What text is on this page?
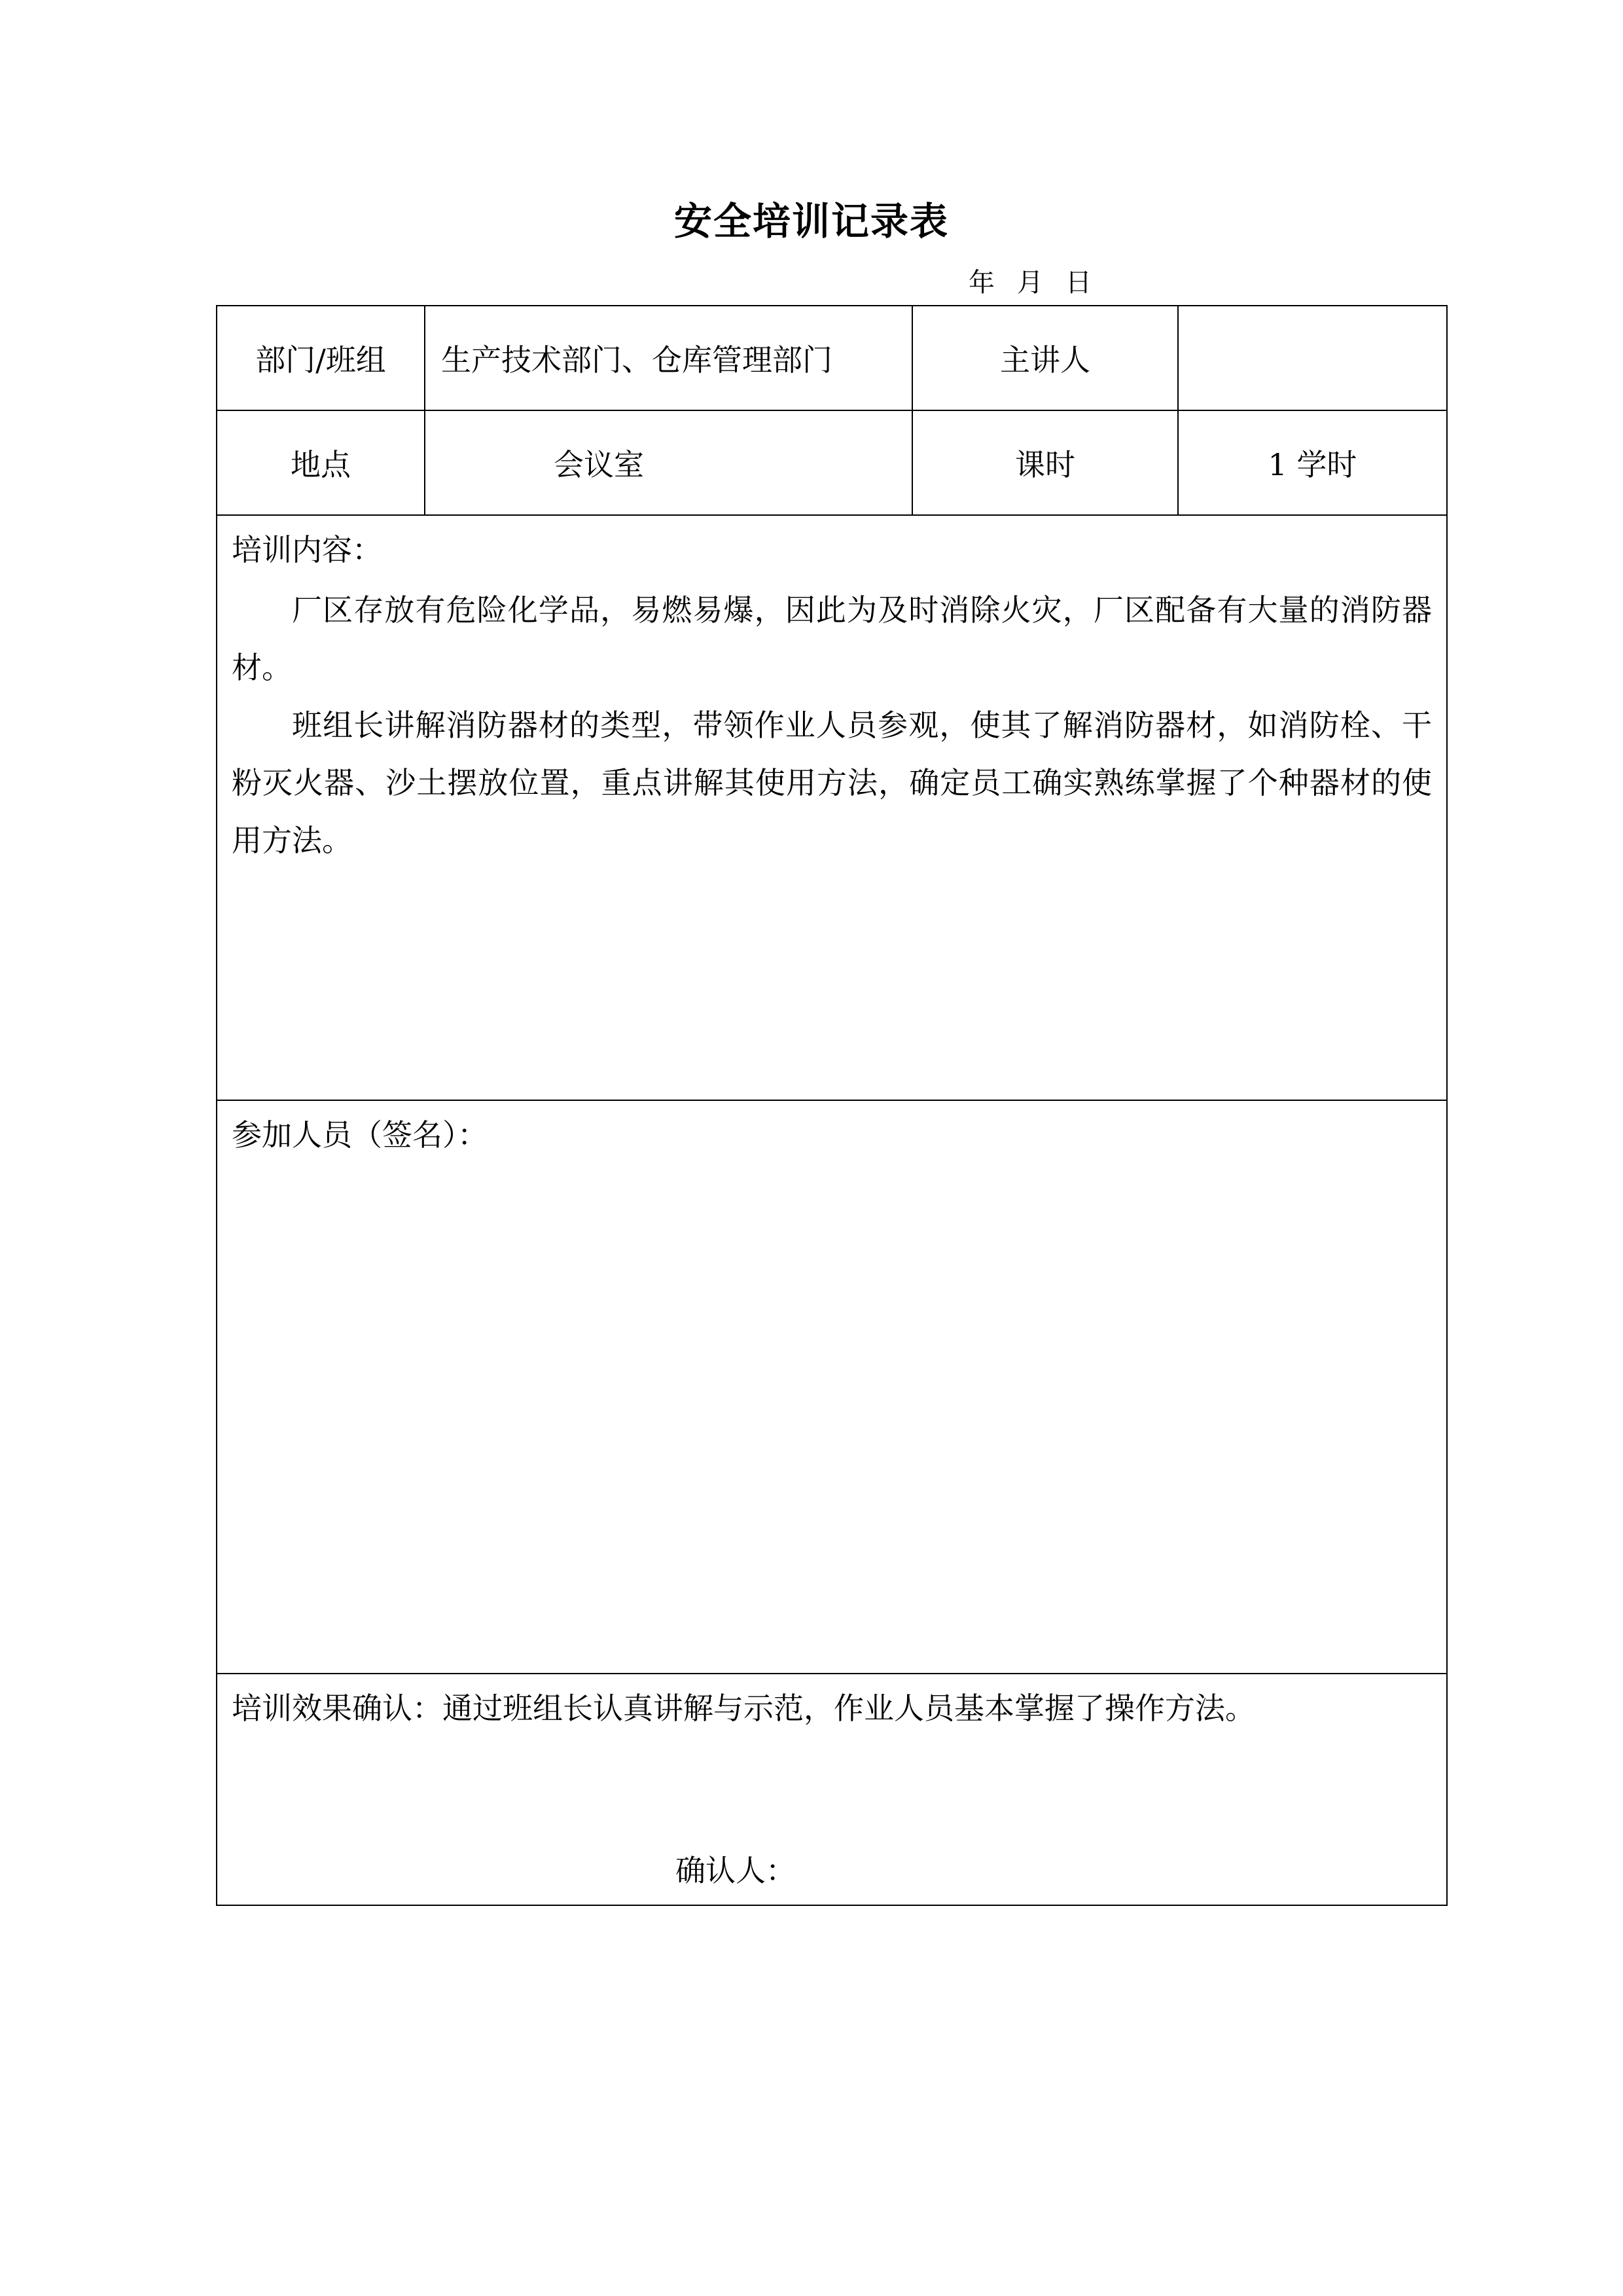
安全培训记录表
年 月 日
部门/班组	生产技术部门、仓库管理部门	主讲人	
地点	会议室	课时	1 学时

培训内容：

厂区存放有危险化学品，易燃易爆，因此为及时消除火灾，厂区配备有大量的消防器材。

班组长讲解消防器材的类型，带领作业人员参观，使其了解消防器材，如消防栓、干粉灭火器、沙土摆放位置，重点讲解其使用方法，确定员工确实熟练掌握了个种器材的使用方法。			

参加人员（签名）：			

培训效果确认：通过班组长认真讲解与示范，作业人员基本掌握了操作方法。
确认人：			
